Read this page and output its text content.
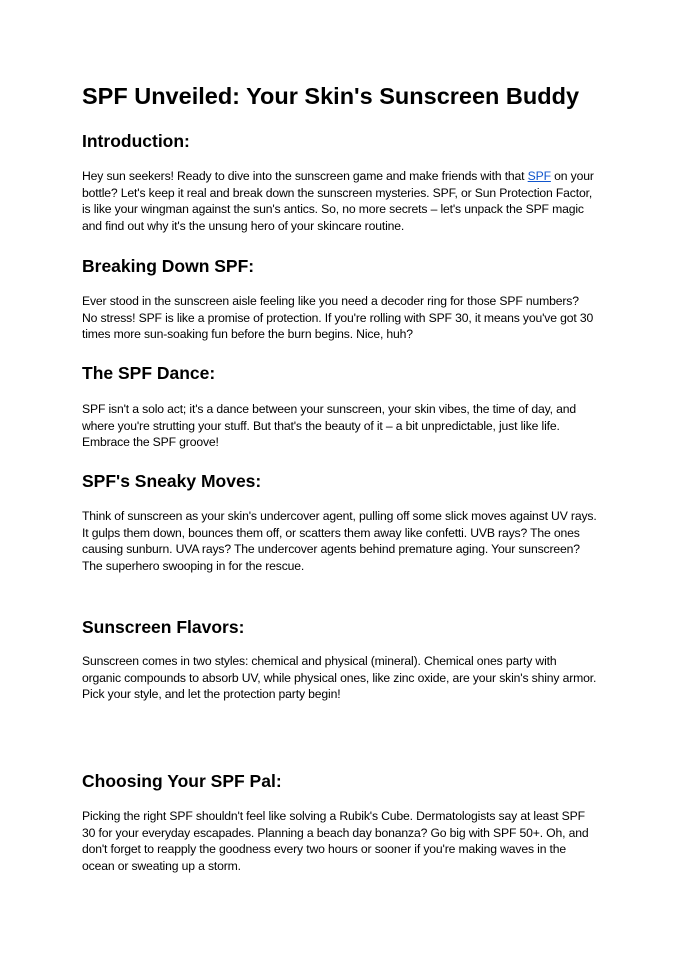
SPF Unveiled: Your Skin's Sunscreen Buddy
Introduction:

Hey sun seekers! Ready to dive into the sunscreen game and make friends with that SPF on your bottle? Let's keep it real and break down the sunscreen mysteries. SPF, or Sun Protection Factor, is like your wingman against the sun's antics. So, no more secrets – let's unpack the SPF magic and find out why it's the unsung hero of your skincare routine.

Breaking Down SPF:

Ever stood in the sunscreen aisle feeling like you need a decoder ring for those SPF numbers? No stress! SPF is like a promise of protection. If you're rolling with SPF 30, it means you've got 30 times more sun-soaking fun before the burn begins. Nice, huh?

The SPF Dance:

SPF isn't a solo act; it's a dance between your sunscreen, your skin vibes, the time of day, and where you're strutting your stuff. But that's the beauty of it – a bit unpredictable, just like life. Embrace the SPF groove!

SPF's Sneaky Moves:

Think of sunscreen as your skin's undercover agent, pulling off some slick moves against UV rays. It gulps them down, bounces them off, or scatters them away like confetti. UVB rays? The ones causing sunburn. UVA rays? The undercover agents behind premature aging. Your sunscreen? The superhero swooping in for the rescue.

Sunscreen Flavors:

Sunscreen comes in two styles: chemical and physical (mineral). Chemical ones party with organic compounds to absorb UV, while physical ones, like zinc oxide, are your skin's shiny armor. Pick your style, and let the protection party begin!

Choosing Your SPF Pal:

Picking the right SPF shouldn't feel like solving a Rubik's Cube. Dermatologists say at least SPF 30 for your everyday escapades. Planning a beach day bonanza? Go big with SPF 50+. Oh, and don't forget to reapply the goodness every two hours or sooner if you're making waves in the ocean or sweating up a storm.
